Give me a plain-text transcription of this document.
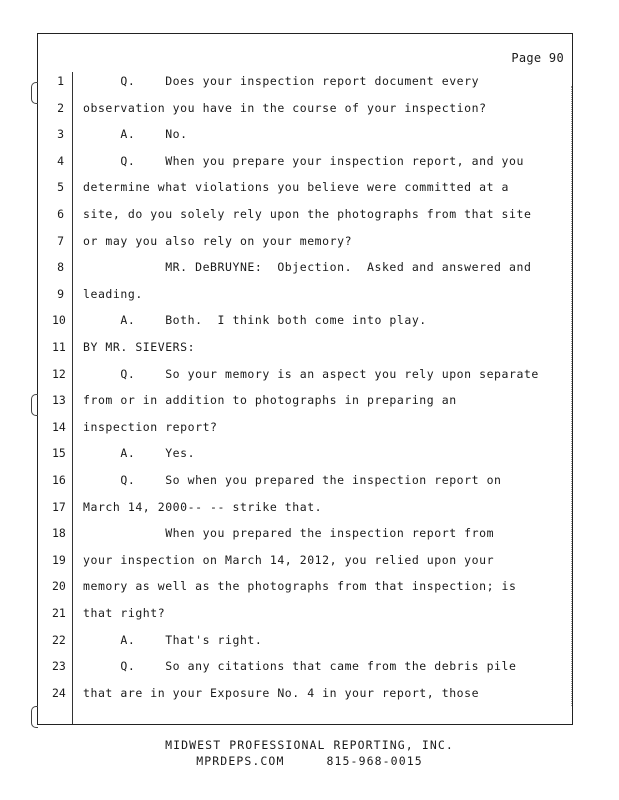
Page 90
1 Q.    Does your inspection report document every
2 observation you have in the course of your inspection?
3 A.    No.
4 Q.    When you prepare your inspection report, and you
5 determine what violations you believe were committed at a
6 site, do you solely rely upon the photographs from that site
7 or may you also rely on your memory?
8 MR. DeBRUYNE:  Objection.  Asked and answered and
9 leading.
10 A.    Both.  I think both come into play.
11 BY MR. SIEVERS:
12 Q.    So your memory is an aspect you rely upon separate
13 from or in addition to photographs in preparing an
14 inspection report?
15 A.    Yes.
16 Q.    So when you prepared the inspection report on
17 March 14, 2000-- -- strike that.
18 When you prepared the inspection report from
19 your inspection on March 14, 2012, you relied upon your
20 memory as well as the photographs from that inspection; is
21 that right?
22 A.    That's right.
23 Q.    So any citations that came from the debris pile
24 that are in your Exposure No. 4 in your report, those
MIDWEST PROFESSIONAL REPORTING, INC.
MPRDEPS.COM	815-968-0015
